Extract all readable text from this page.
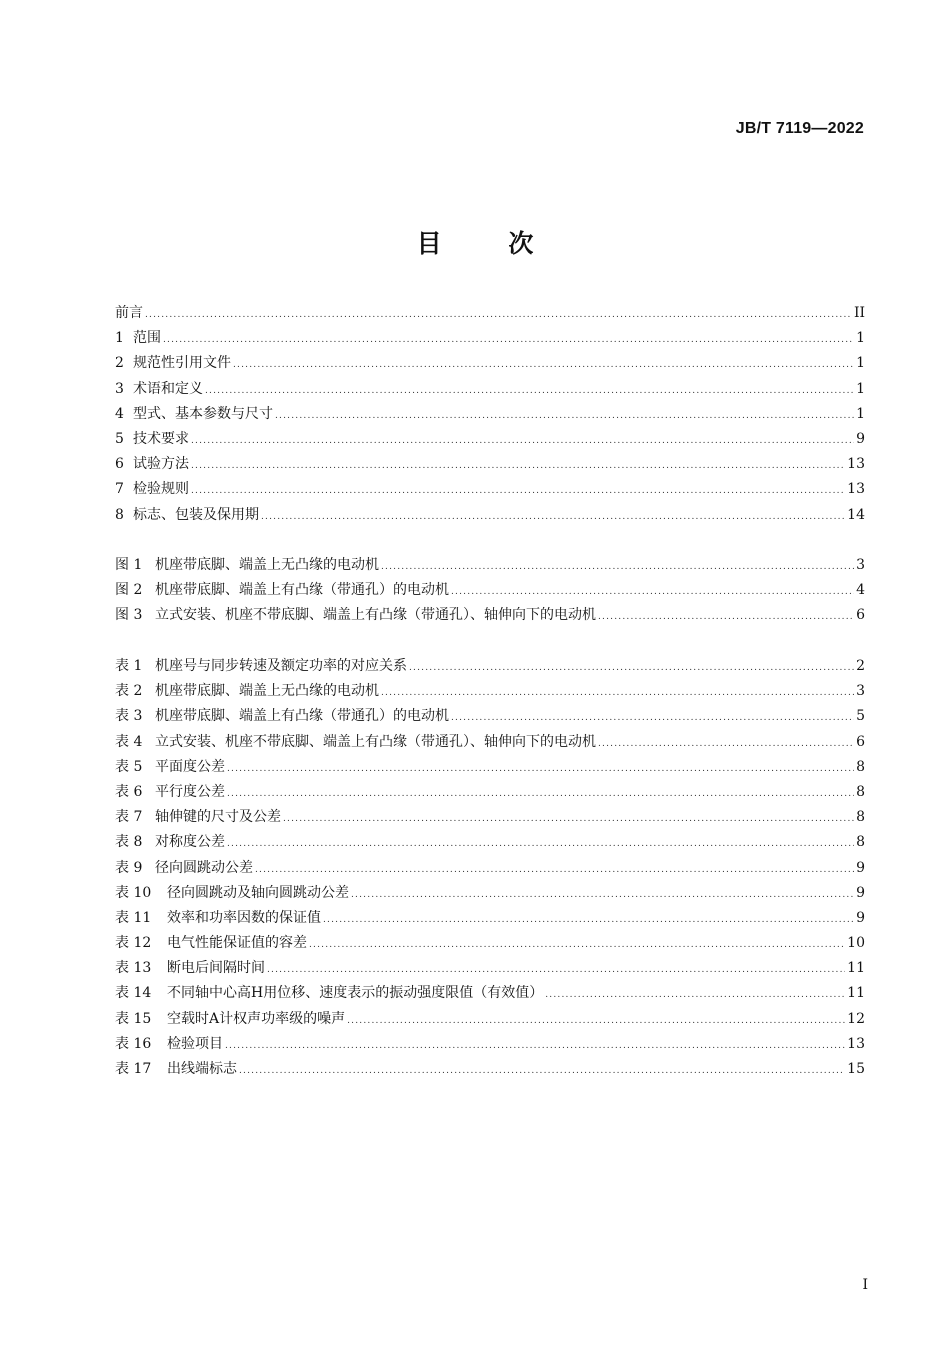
JB/T 7119—2022
目 次
前言 .....	II
1 范围 .....	1
2 规范性引用文件 .....	1
3 术语和定义 .....	1
4 型式、基本参数与尺寸 .....	1
5 技术要求 .....	9
6 试验方法 .....	13
7 检验规则 .....	13
8 标志、包装及保用期 .....	14
图 1 机座带底脚、端盖上无凸缘的电动机 .....	3
图 2 机座带底脚、端盖上有凸缘（带通孔）的电动机 .....	4
图 3 立式安装、机座不带底脚、端盖上有凸缘（带通孔）、轴伸向下的电动机 .....	6
表 1 机座号与同步转速及额定功率的对应关系 .....	2
表 2 机座带底脚、端盖上无凸缘的电动机 .....	3
表 3 机座带底脚、端盖上有凸缘（带通孔）的电动机 .....	5
表 4 立式安装、机座不带底脚、端盖上有凸缘（带通孔）、轴伸向下的电动机 .....	6
表 5 平面度公差 .....	8
表 6 平行度公差 .....	8
表 7 轴伸键的尺寸及公差 .....	8
表 8 对称度公差 .....	8
表 9 径向圆跳动公差 .....	9
表 10 径向圆跳动及轴向圆跳动公差 .....	9
表 11 效率和功率因数的保证值 .....	9
表 12 电气性能保证值的容差 .....	10
表 13 断电后间隔时间 .....	11
表 14 不同轴中心高H用位移、速度表示的振动强度限值（有效值） .....	11
表 15 空载时A计权声功率级的噪声 .....	12
表 16 检验项目 .....	13
表 17 出线端标志 .....	15
I
